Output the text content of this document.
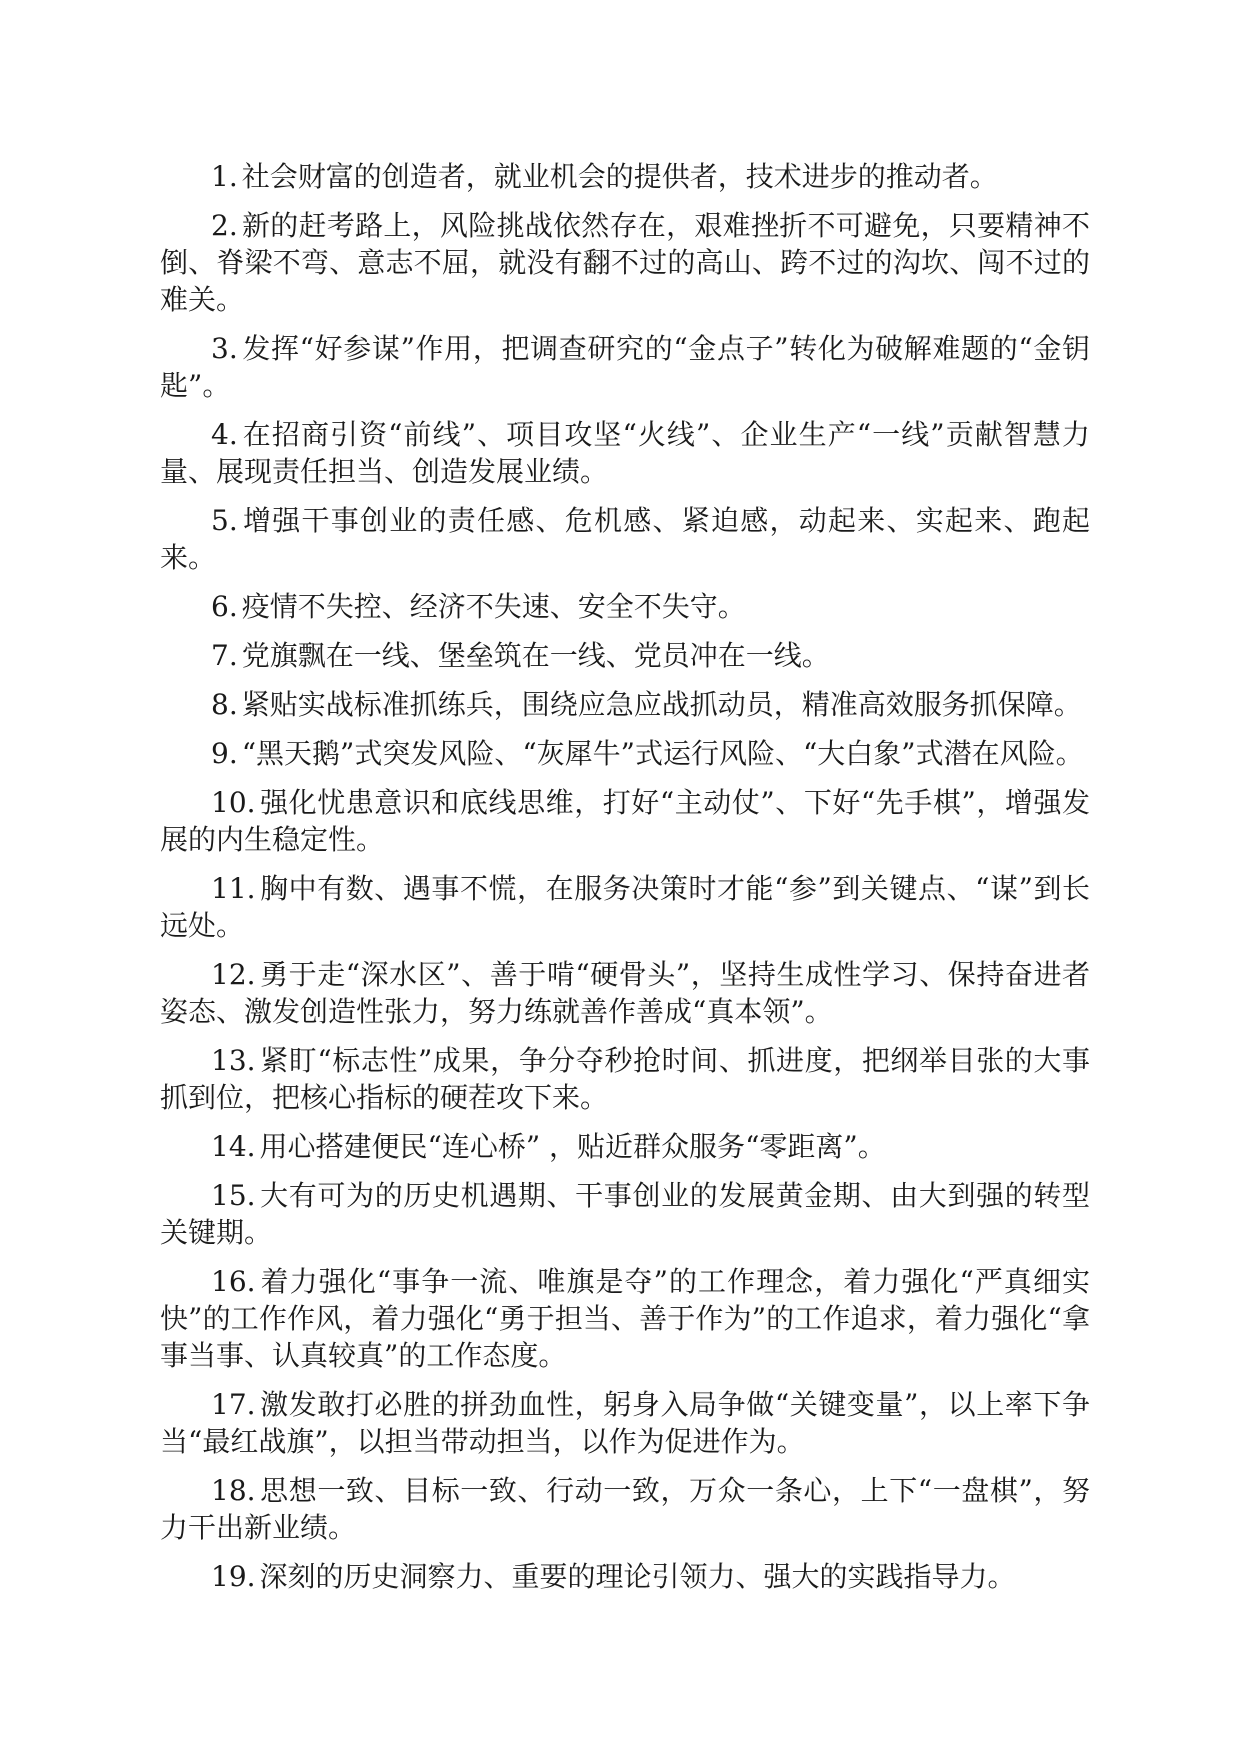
1. 社会财富的创造者，就业机会的提供者，技术进步的推动者。

2. 新的赶考路上，风险挑战依然存在，艰难挫折不可避免，只要精神不倒、脊梁不弯、意志不屈，就没有翻不过的高山、跨不过的沟坎、闯不过的难关。

3. 发挥“好参谋”作用，把调查研究的“金点子”转化为破解难题的“金钥匙”。

4. 在招商引资“前线”、项目攻坚“火线”、企业生产“一线”贡献智慧力量、展现责任担当、创造发展业绩。

5. 增强干事创业的责任感、危机感、紧迫感，动起来、实起来、跑起来。

6. 疫情不失控、经济不失速、安全不失守。

7. 党旗飘在一线、堡垒筑在一线、党员冲在一线。

8. 紧贴实战标准抓练兵，围绕应急应战抓动员，精准高效服务抓保障。

9. “黑天鹅”式突发风险、“灰犀牛”式运行风险、“大白象”式潜在风险。

10. 强化忧患意识和底线思维，打好“主动仗”、下好“先手棋”，增强发展的内生稳定性。

11. 胸中有数、遇事不慌，在服务决策时才能“参”到关键点、“谋”到长远处。

12. 勇于走“深水区”、善于啃“硬骨头”，坚持生成性学习、保持奋进者姿态、激发创造性张力，努力练就善作善成“真本领”。

13. 紧盯“标志性”成果，争分夺秒抢时间、抓进度，把纲举目张的大事抓到位，把核心指标的硬茬攻下来。

14. 用心搭建便民“连心桥” ，贴近群众服务“零距离”。

15. 大有可为的历史机遇期、干事创业的发展黄金期、由大到强的转型关键期。

16. 着力强化“事争一流、唯旗是夺”的工作理念，着力强化“严真细实快”的工作作风，着力强化“勇于担当、善于作为”的工作追求，着力强化“拿事当事、认真较真”的工作态度。

17. 激发敢打必胜的拼劲血性，躬身入局争做“关键变量”，以上率下争当“最红战旗”，以担当带动担当，以作为促进作为。

18. 思想一致、目标一致、行动一致，万众一条心，上下“一盘棋”，努力干出新业绩。

19. 深刻的历史洞察力、重要的理论引领力、强大的实践指导力。
